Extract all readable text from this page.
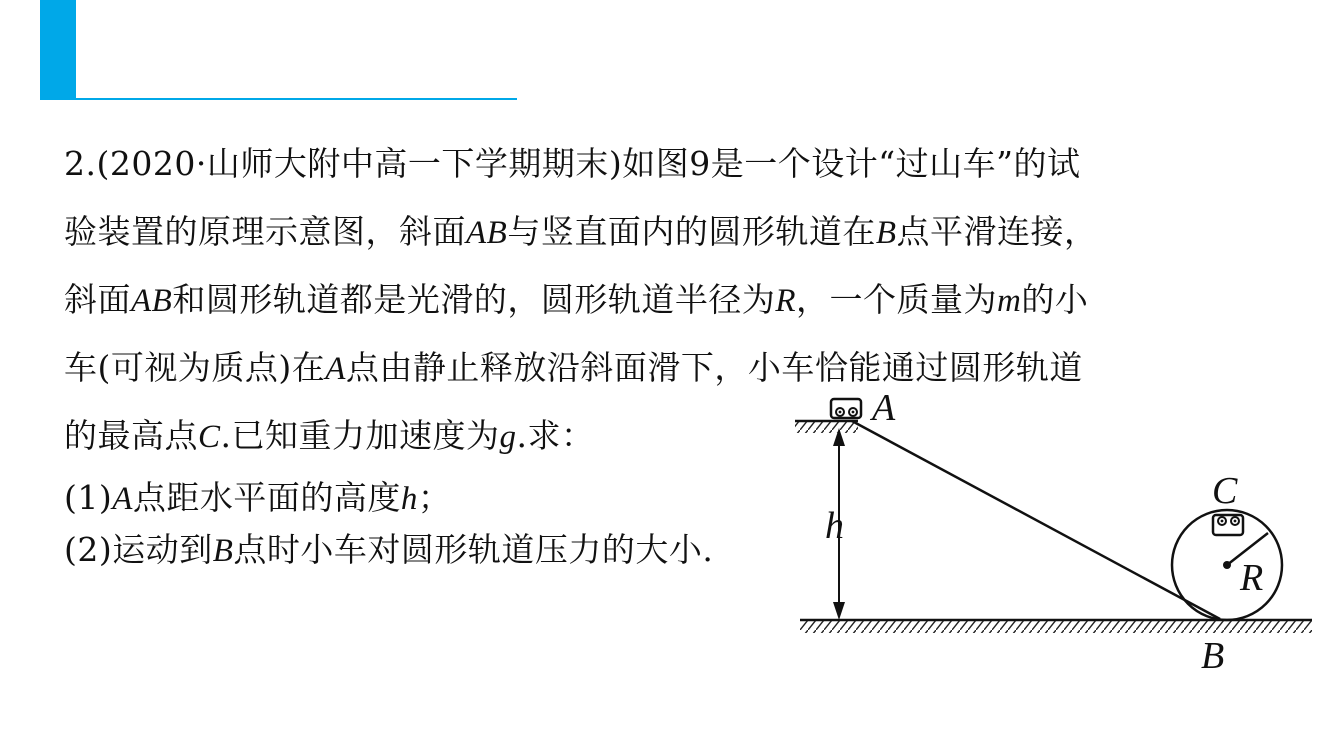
2.(2020·山师大附中高一下学期期末)如图9是一个设计“过山车”的试
验装置的原理示意图，斜面AB与竖直面内的圆形轨道在B点平滑连接，
斜面AB和圆形轨道都是光滑的，圆形轨道半径为R，一个质量为m的小
车(可视为质点)在A点由静止释放沿斜面滑下，小车恰能通过圆形轨道
的最高点C.已知重力加速度为g.求：
(1)A点距水平面的高度h；
(2)运动到B点时小车对圆形轨道压力的大小.
A
h
C
R
B
